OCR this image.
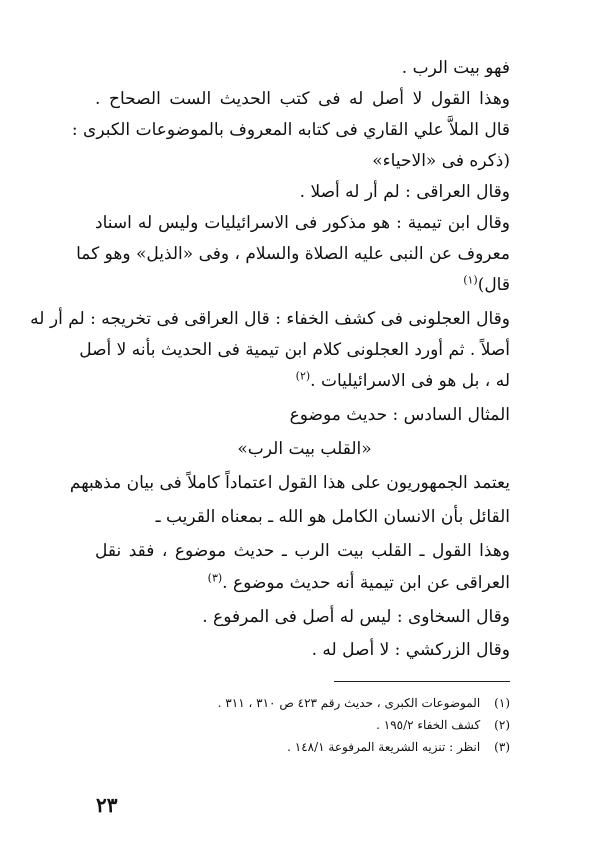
فهو بيت الرب .
وهذا القول لا أصل له فى كتب الحديث الست الصحاح .
قال الملاَّ علي القاري فى كتابه المعروف بالموضوعات الكبرى :
(ذكره فى «الاحياء»
وقال العراقى : لم أر له أصلا .
وقال ابن تيمية : هو مذكور فى الاسرائيليات وليس له اسناد
معروف عن النبى عليه الصلاة والسلام ، وفى «الذيل» وهو كما
قال)$^{(١)}$
وقال العجلونى فى كشف الخفاء : قال العراقى فى تخريجه : لم أر له
أصلاً . ثم أورد العجلونى كلام ابن تيمية فى الحديث بأنه لا أصل
له ، بل هو فى الاسرائيليات .$^{(٢)}$
المثال السادس : حديث موضوع
«القلب بيت الرب»
يعتمد الجمهوريون على هذا القول اعتماداً كاملاً فى بيان مذهبهم
القائل بأن الانسان الكامل هو الله ـ بمعناه القريب ـ
وهذا القول ـ القلب بيت الرب ـ حديث موضوع ، فقد نقل
العراقى عن ابن تيمية أنه حديث موضوع .$^{(٣)}$
وقال السخاوى : ليس له أصل فى المرفوع .
وقال الزركشي : لا أصل له .
(١) الموضوعات الكبرى ، حديث رقم ٤٢٣ ص ٣١٠ ، ٣١١ .
(٢) كشف الخفاء ١٩٥/٢ .
(٣) انظر : تنزيه الشريعة المرفوعة ١٤٨/١ .
٢٣
